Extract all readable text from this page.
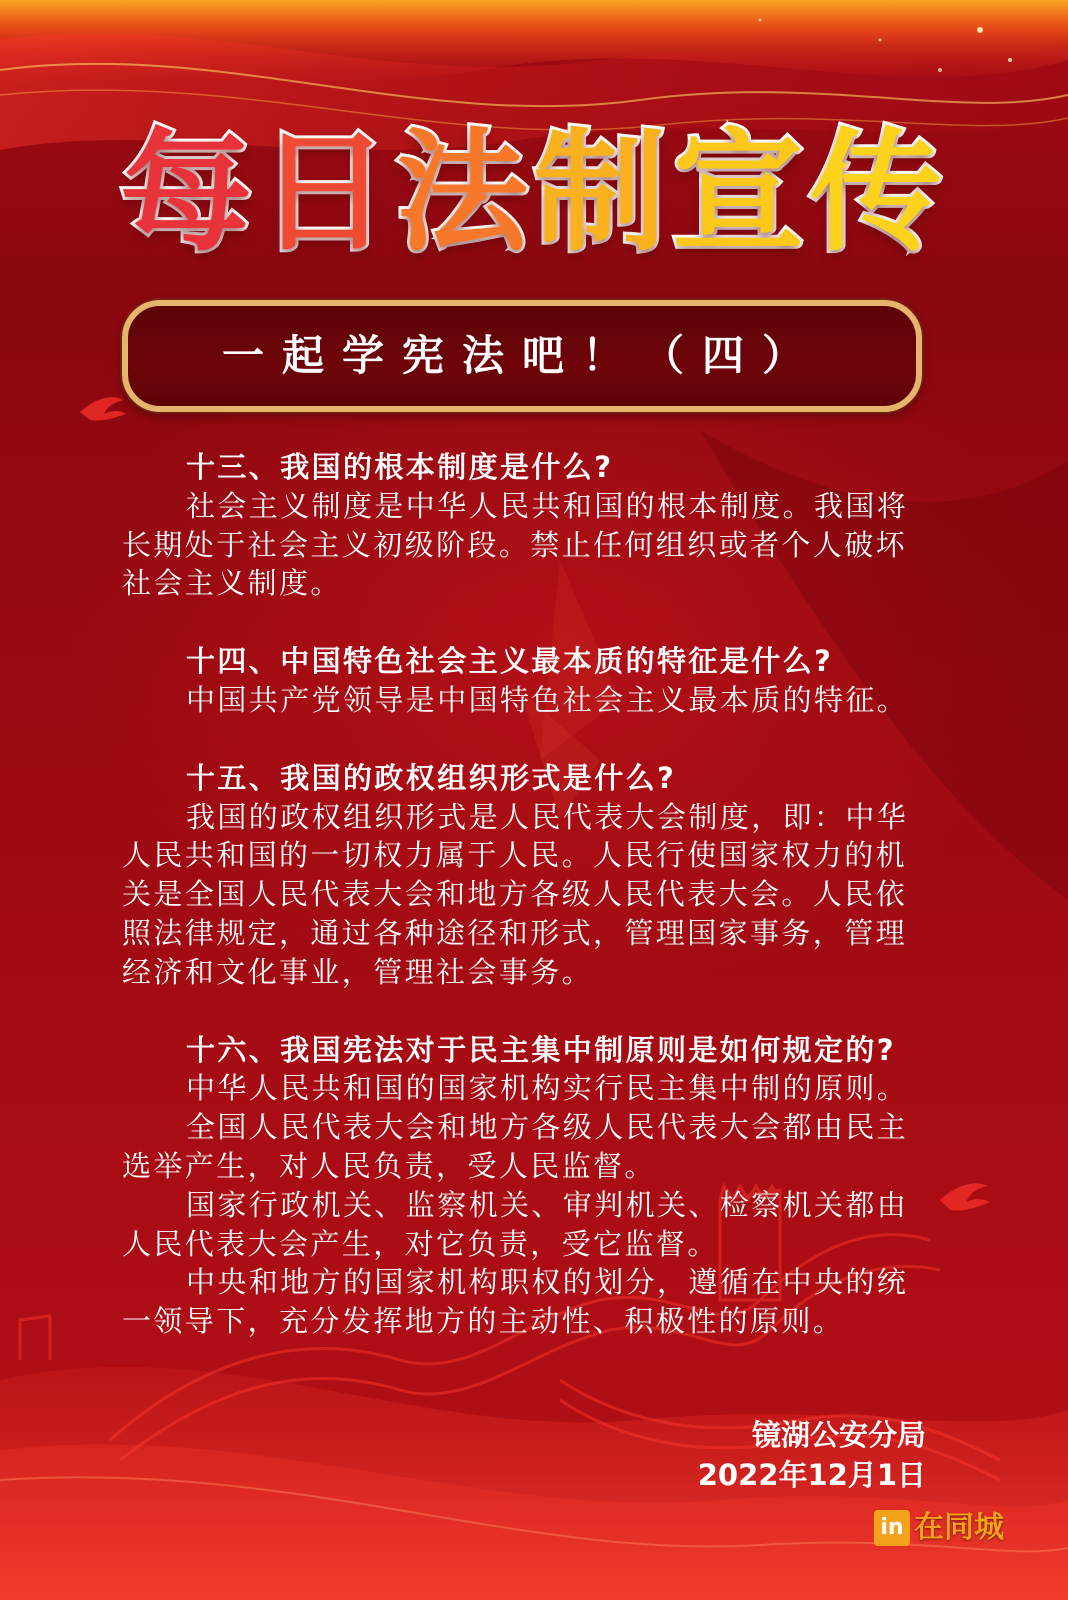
每日法制宣传
一起学宪法吧！（四）
十三、我国的根本制度是什么?
社会主义制度是中华人民共和国的根本制度。我国将长期处于社会主义初级阶段。禁止任何组织或者个人破坏社会主义制度。
十四、中国特色社会主义最本质的特征是什么?
中国共产党领导是中国特色社会主义最本质的特征。
十五、我国的政权组织形式是什么?
我国的政权组织形式是人民代表大会制度，即：中华人民共和国的一切权力属于人民。人民行使国家权力的机关是全国人民代表大会和地方各级人民代表大会。人民依照法律规定，通过各种途径和形式，管理国家事务，管理经济和文化事业，管理社会事务。
十六、我国宪法对于民主集中制原则是如何规定的?
中华人民共和国的国家机构实行民主集中制的原则。
全国人民代表大会和地方各级人民代表大会都由民主选举产生，对人民负责，受人民监督。
国家行政机关、监察机关、审判机关、检察机关都由人民代表大会产生，对它负责，受它监督。
中央和地方的国家机构职权的划分，遵循在中央的统一领导下，充分发挥地方的主动性、积极性的原则。
镜湖公安分局
2022年12月1日
in 在同城
